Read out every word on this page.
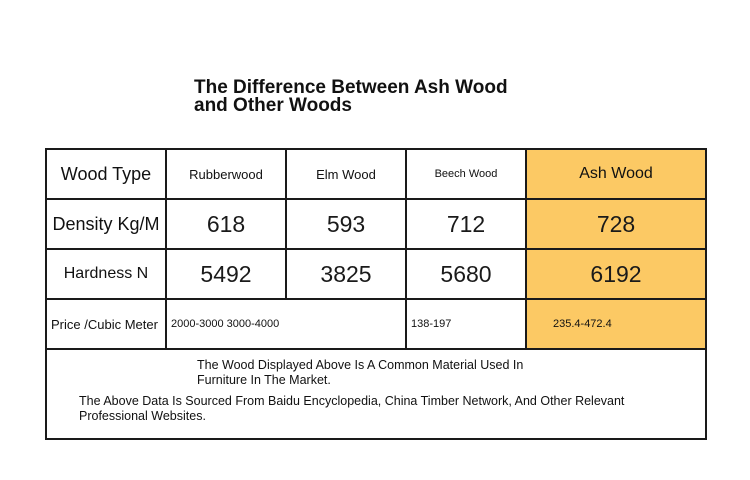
The Difference Between Ash Wood
and Other Woods
Wood Type	Rubberwood	Elm Wood	Beech Wood	Ash Wood
Density Kg/M	618	593	712	728
Hardness N	5492	3825	5680	6192
Price /Cubic Meter	2000-3000 3000-4000		138-197	235.4-472.4

The Wood Displayed Above Is A Common Material Used In Furniture In The Market.
The Above Data Is Sourced From Baidu Encyclopedia, China Timber Network, And Other Relevant Professional Websites.				
